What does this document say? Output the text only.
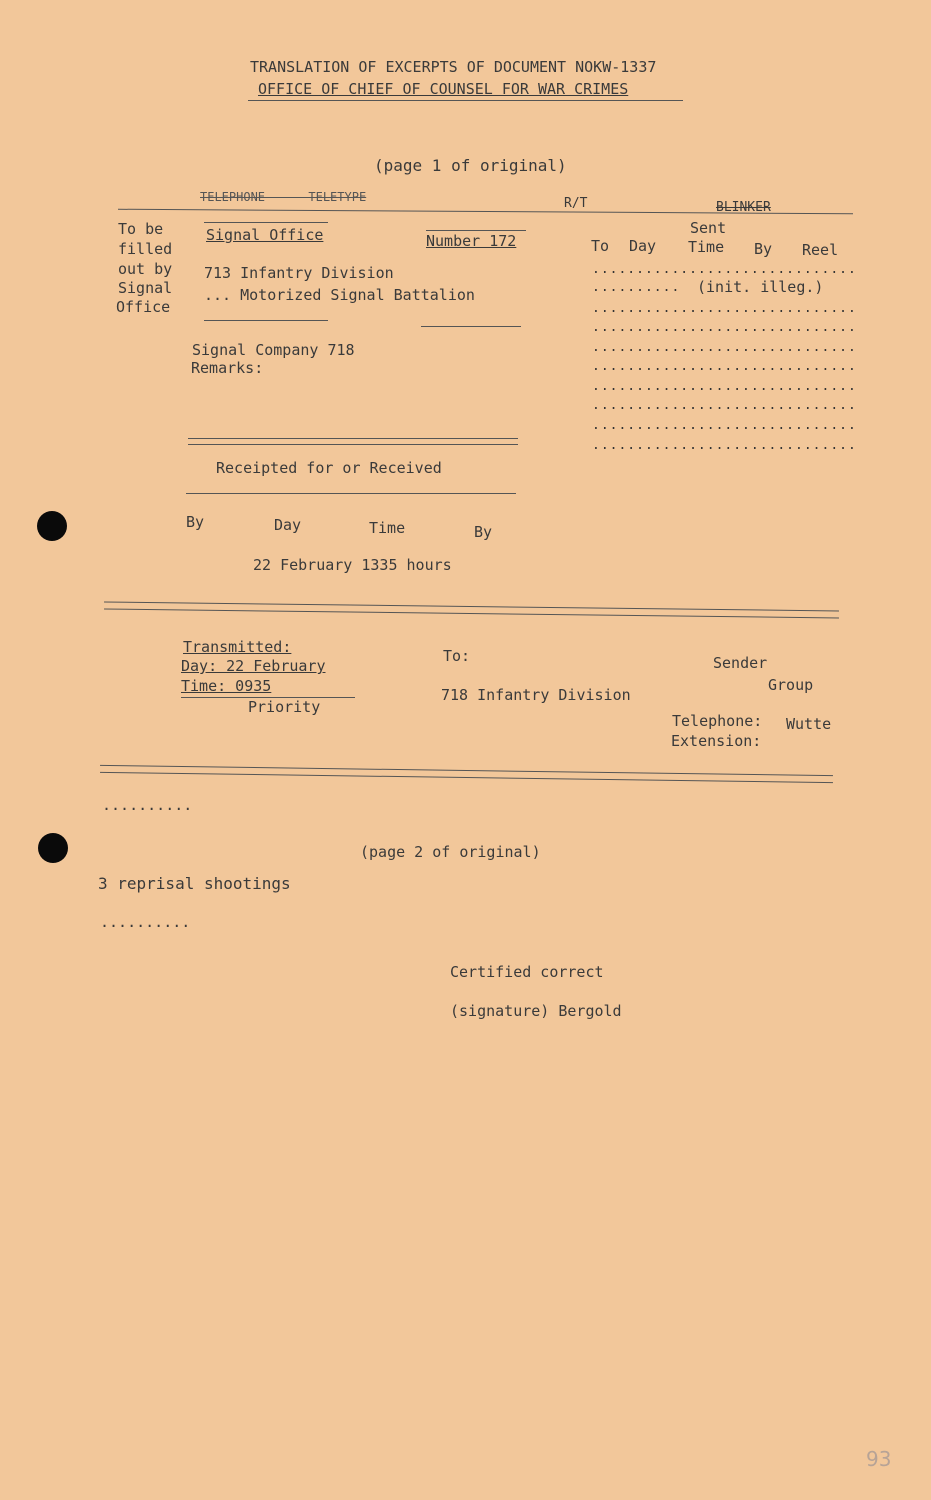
TRANSLATION OF EXCERPTS OF DOCUMENT NOKW-1337
OFFICE OF CHIEF OF COUNSEL FOR WAR CRIMES
(page 1 of original)
TELEPHONE------TELETYPE	R/T	BLINKER
To be
filled
out by
Signal
Office
Signal Office	Number 172
Sent
To Day Time By Reel
713 Infantry Division
... Motorized Signal Battalion
..............................
.......... (init. illeg.)
..............................
..............................
..............................
..............................
..............................
..............................
..............................
..............................
Signal Company 718
Remarks:
Receipted for or Received
By	Day	Time	By
22 February 1335 hours
Transmitted:
Day: 22 February
Time: 0935
Priority
To:
718 Infantry Division
Sender
Group
Telephone: Wutte
Extension:
..........
(page 2 of original)
3 reprisal shootings
..........
Certified correct
(signature) Bergold
93
